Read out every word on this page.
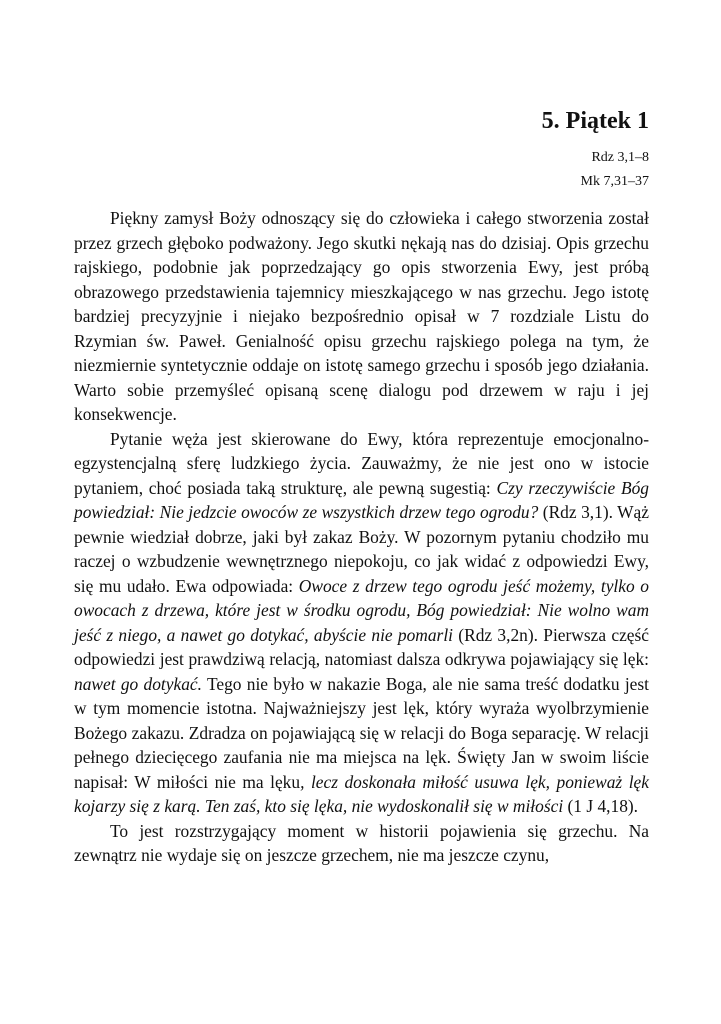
5. Piątek 1
Rdz 3,1–8
Mk 7,31–37

Piękny zamysł Boży odnoszący się do człowieka i całego stworzenia został przez grzech głęboko podważony. Jego skutki nękają nas do dzisiaj. Opis grzechu rajskiego, podobnie jak poprzedzający go opis stworzenia Ewy, jest próbą obrazowego przedstawienia tajemnicy mieszkającego w nas grzechu. Jego istotę bardziej precyzyjnie i niejako bezpośrednio opisał w 7 rozdziale Listu do Rzymian św. Paweł. Genialność opisu grzechu rajskiego polega na tym, że niezmiernie syntetycznie oddaje on istotę samego grzechu i sposób jego działania. Warto sobie przemyśleć opisaną scenę dialogu pod drzewem w raju i jej konsekwencje.

Pytanie węża jest skierowane do Ewy, która reprezentuje emocjonalno-egzystencjalną sferę ludzkiego życia. Zauważmy, że nie jest ono w istocie pytaniem, choć posiada taką strukturę, ale pewną sugestią: Czy rzeczywiście Bóg powiedział: Nie jedzcie owoców ze wszystkich drzew tego ogrodu? (Rdz 3,1). Wąż pewnie wiedział dobrze, jaki był zakaz Boży. W pozornym pytaniu chodziło mu raczej o wzbudzenie wewnętrznego niepokoju, co jak widać z odpowiedzi Ewy, się mu udało. Ewa odpowiada: Owoce z drzew tego ogrodu jeść możemy, tylko o owocach z drzewa, które jest w środku ogrodu, Bóg powiedział: Nie wolno wam jeść z niego, a nawet go dotykać, abyście nie pomarli (Rdz 3,2n). Pierwsza część odpowiedzi jest prawdziwą relacją, natomiast dalsza odkrywa pojawiający się lęk: nawet go dotykać. Tego nie było w nakazie Boga, ale nie sama treść dodatku jest w tym momencie istotna. Najważniejszy jest lęk, który wyraża wyolbrzymienie Bożego zakazu. Zdradza on pojawiającą się w relacji do Boga separację. W relacji pełnego dziecięcego zaufania nie ma miejsca na lęk. Święty Jan w swoim liście napisał: W miłości nie ma lęku, lecz doskonała miłość usuwa lęk, ponieważ lęk kojarzy się z karą. Ten zaś, kto się lęka, nie wydoskonalił się w miłości (1 J 4,18).

To jest rozstrzygający moment w historii pojawienia się grzechu. Na zewnątrz nie wydaje się on jeszcze grzechem, nie ma jeszcze czynu,
